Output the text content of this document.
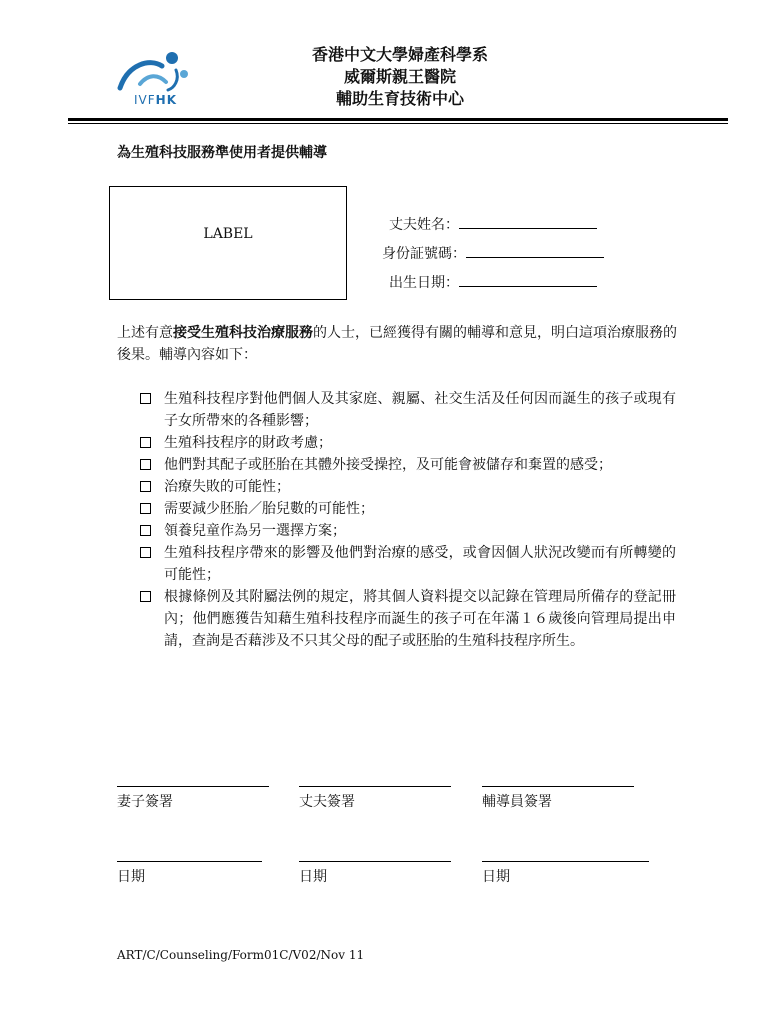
IVFHK
香港中文大學婦產科學系
威爾斯親王醫院
輔助生育技術中心
為生殖科技服務準使用者提供輔導
LABEL
丈夫姓名：
身份証號碼：
出生日期：
上述有意接受生殖科技治療服務的人士，已經獲得有關的輔導和意見，明白這項治療服務的後果。輔導內容如下：
生殖科技程序對他們個人及其家庭、親屬、社交生活及任何因而誕生的孩子或現有子女所帶來的各種影響；
生殖科技程序的財政考慮；
他們對其配子或胚胎在其體外接受操控，及可能會被儲存和棄置的感受；
治療失敗的可能性；
需要減少胚胎／胎兒數的可能性；
領養兒童作為另一選擇方案；
生殖科技程序帶來的影響及他們對治療的感受，或會因個人狀況改變而有所轉變的可能性；
根據條例及其附屬法例的規定，將其個人資料提交以記錄在管理局所備存的登記冊內；他們應獲告知藉生殖科技程序而誕生的孩子可在年滿１６歲後向管理局提出申請，查詢是否藉涉及不只其父母的配子或胚胎的生殖科技程序所生。
妻子簽署	丈夫簽署	輔導員簽署
日期	日期	日期
ART/C/Counseling/Form01C/V02/Nov 11
